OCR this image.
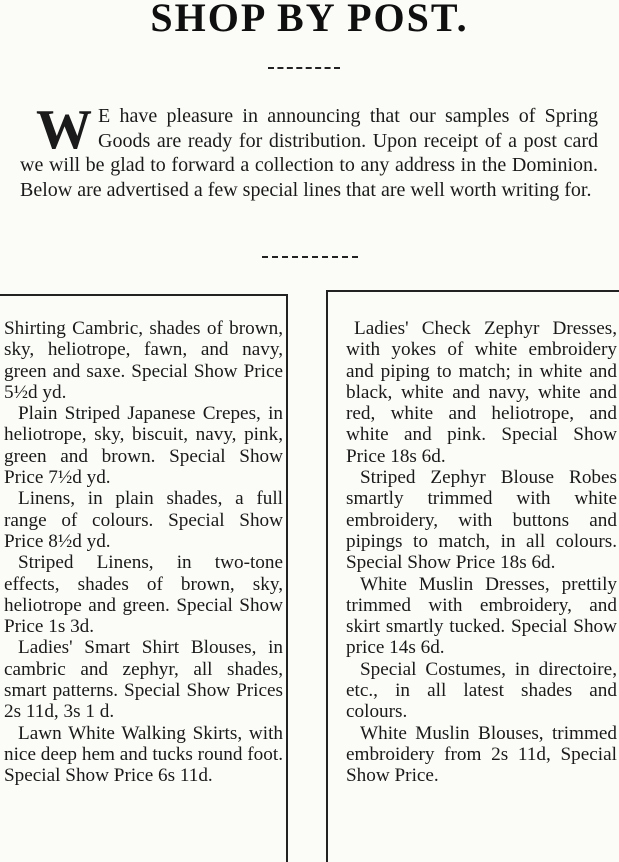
SHOP BY POST.
W E have pleasure in announcing that our samples of Spring Goods are ready for distribution. Upon receipt of a post card we will be glad to forward a collection to any address in the Dominion. Below are advertised a few special lines that are well worth writing for.

Shirting Cambric, shades of brown, sky, heliotrope, fawn, and navy, green and saxe. Special Show Price 5½d yd.

Plain Striped Japanese Crepes, in heliotrope, sky, biscuit, navy, pink, green and brown. Special Show Price 7½d yd.

Linens, in plain shades, a full range of colours. Special Show Price 8½d yd.

Striped Linens, in two-tone effects, shades of brown, sky, heliotrope and green. Special Show Price 1s 3d.

Ladies' Smart Shirt Blouses, in cambric and zephyr, all shades, smart patterns. Special Show Prices 2s 11d, 3s 1 d.

Lawn White Walking Skirts, with nice deep hem and tucks round foot. Special Show Price 6s 11d.

Ladies' Check Zephyr Dresses, with yokes of white embroidery and piping to match; in white and black, white and navy, white and red, white and heliotrope, and white and pink. Special Show Price 18s 6d.

Striped Zephyr Blouse Robes smartly trimmed with white embroidery, with buttons and pipings to match, in all colours. Special Show Price 18s 6d.

White Muslin Dresses, prettily trimmed with embroidery, and skirt smartly tucked. Special Show price 14s 6d.

Special Costumes, in directoire, etc., in all latest shades and colours.

White Muslin Blouses, trimmed embroidery from 2s 11d, Special Show Price.
